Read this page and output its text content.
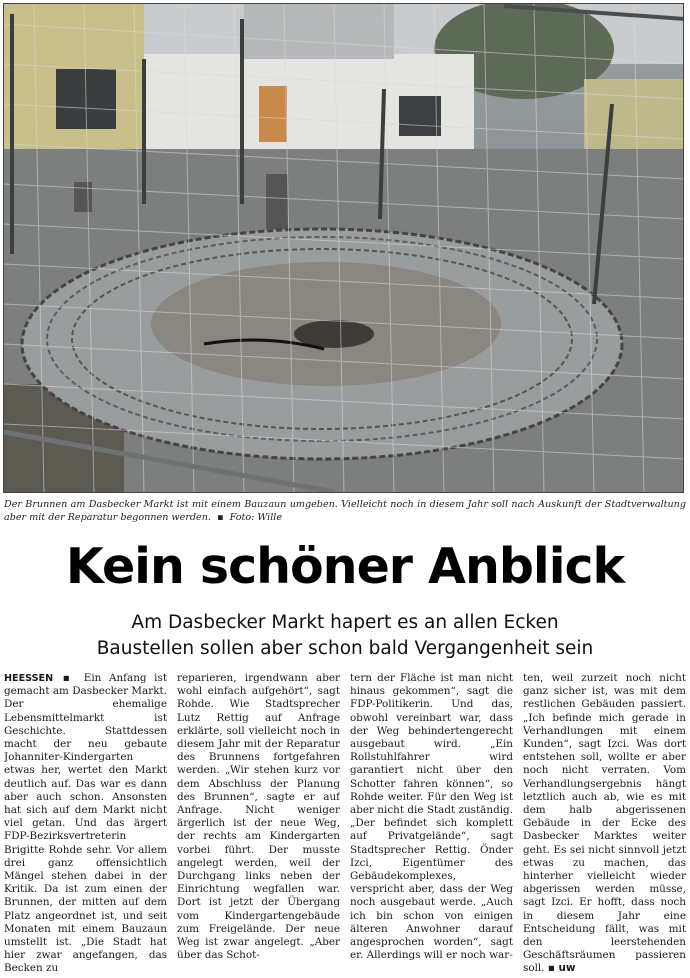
Der Brunnen am Dasbecker Markt ist mit einem Bauzaun umgeben. Vielleicht noch in diesem Jahr soll nach Auskunft der Stadtverwaltung aber mit der Reparatur begonnen werden. ▪ Foto: Wille
Kein schöner Anblick
Am Dasbecker Markt hapert es an allen Ecken
Baustellen sollen aber schon bald Vergangenheit sein

HEESSEN ▪ Ein Anfang ist gemacht am Dasbecker Markt. Der ehemalige Lebensmittelmarkt ist Geschichte. Stattdessen macht der neu gebaute Johanniter-Kindergarten etwas her, wertet den Markt deutlich auf. Das war es dann aber auch schon. Ansonsten hat sich auf dem Markt nicht viel getan. Und das ärgert FDP-Bezirksvertreterin Brigitte Rohde sehr. Vor allem drei ganz offensichtlich Mängel stehen dabei in der Kritik. Da ist zum einen der Brunnen, der mitten auf dem Platz angeordnet ist, und seit Monaten mit einem Bauzaun umstellt ist. „Die Stadt hat hier zwar angefangen, das Becken zu

reparieren, irgendwann aber wohl einfach aufgehört“, sagt Rohde. Wie Stadtsprecher Lutz Rettig auf Anfrage erklärte, soll vielleicht noch in diesem Jahr mit der Reparatur des Brunnens fortgefahren werden. „Wir stehen kurz vor dem Abschluss der Planung des Brunnen“, sagte er auf Anfrage. Nicht weniger ärgerlich ist der neue Weg, der rechts am Kindergarten vorbei führt. Der musste angelegt werden, weil der Durchgang links neben der Einrichtung wegfallen war. Dort ist jetzt der Übergang vom Kindergartengebäude zum Freigelände. Der neue Weg ist zwar angelegt. „Aber über das Schot-

tern der Fläche ist man nicht hinaus gekommen“, sagt die FDP-Politikerin. Und das, obwohl vereinbart war, dass der Weg behindertengerecht ausgebaut wird. „Ein Rollstuhlfahrer wird garantiert nicht über den Schotter fahren können“, so Rohde weiter. Für den Weg ist aber nicht die Stadt zuständig. „Der befindet sich komplett auf Privatgelände“, sagt Stadtsprecher Rettig. Önder Izci, Eigentümer des Gebäudekomplexes, verspricht aber, dass der Weg noch ausgebaut werde. „Auch ich bin schon von einigen älteren Anwohner darauf angesprochen worden“, sagt er. Allerdings will er noch war-

ten, weil zurzeit noch nicht ganz sicher ist, was mit dem restlichen Gebäuden passiert. „Ich befinde mich gerade in Verhandlungen mit einem Kunden“, sagt Izci. Was dort entstehen soll, wollte er aber noch nicht verraten. Vom Verhandlungsergebnis hängt letztlich auch ab, wie es mit dem halb abgerissenen Gebäude in der Ecke des Dasbecker Marktes weiter geht. Es sei nicht sinnvoll jetzt etwas zu machen, das hinterher vielleicht wieder abgerissen werden müsse, sagt Izci. Er hofft, dass noch in diesem Jahr eine Entscheidung fällt, was mit den leerstehenden Geschäftsräumen passieren soll. ▪ uw
